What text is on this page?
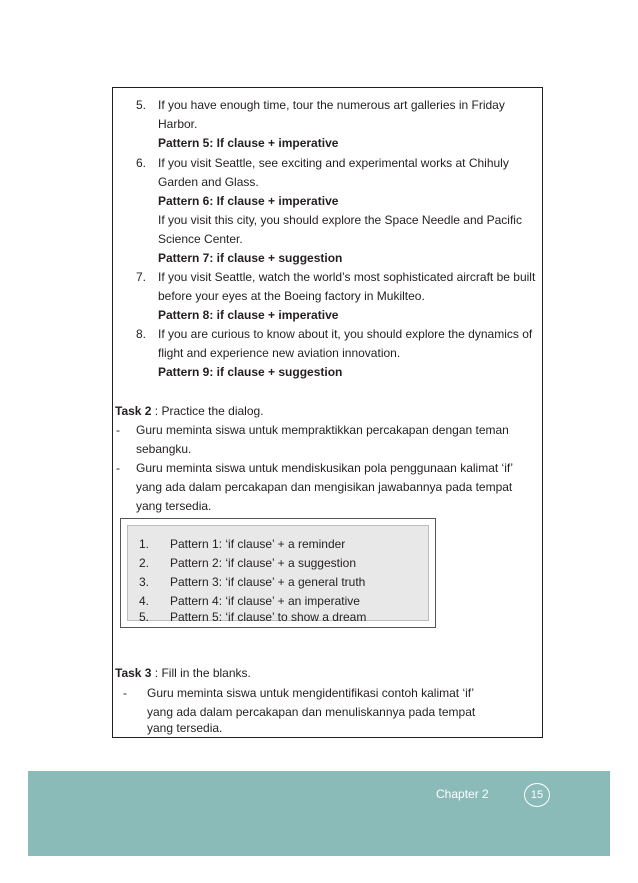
5. If you have enough time, tour the numerous art galleries in Friday
Harbor.
Pattern 5: If clause + imperative
6. If you visit Seattle, see exciting and experimental works at Chihuly
Garden and Glass.
Pattern 6: If clause + imperative
If you visit this city, you should explore the Space Needle and Pacific
Science Center.
Pattern 7: if clause + suggestion
7. If you visit Seattle, watch the world’s most sophisticated aircraft be built
before your eyes at the Boeing factory in Mukilteo.
Pattern 8: if clause + imperative
8. If you are curious to know about it, you should explore the dynamics of
flight and experience new aviation innovation.
Pattern 9: if clause + suggestion
Task 2 : Practice the dialog.
- Guru meminta siswa untuk mempraktikkan percakapan dengan teman
sebangku.
- Guru meminta siswa untuk mendiskusikan pola penggunaan kalimat ‘if’
yang ada dalam percakapan dan mengisikan jawabannya pada tempat
yang tersedia.
1. Pattern 1: ‘if clause’ + a reminder
2. Pattern 2: ‘if clause’ + a suggestion
3. Pattern 3: ‘if clause’ + a general truth
4. Pattern 4: ‘if clause’ + an imperative
5. Pattern 5: ‘if clause’ to show a dream
Task 3 : Fill in the blanks.
- Guru meminta siswa untuk mengidentifikasi contoh kalimat ‘if’
yang ada dalam percakapan dan menuliskannya pada tempat
yang tersedia.
Chapter 2	15
